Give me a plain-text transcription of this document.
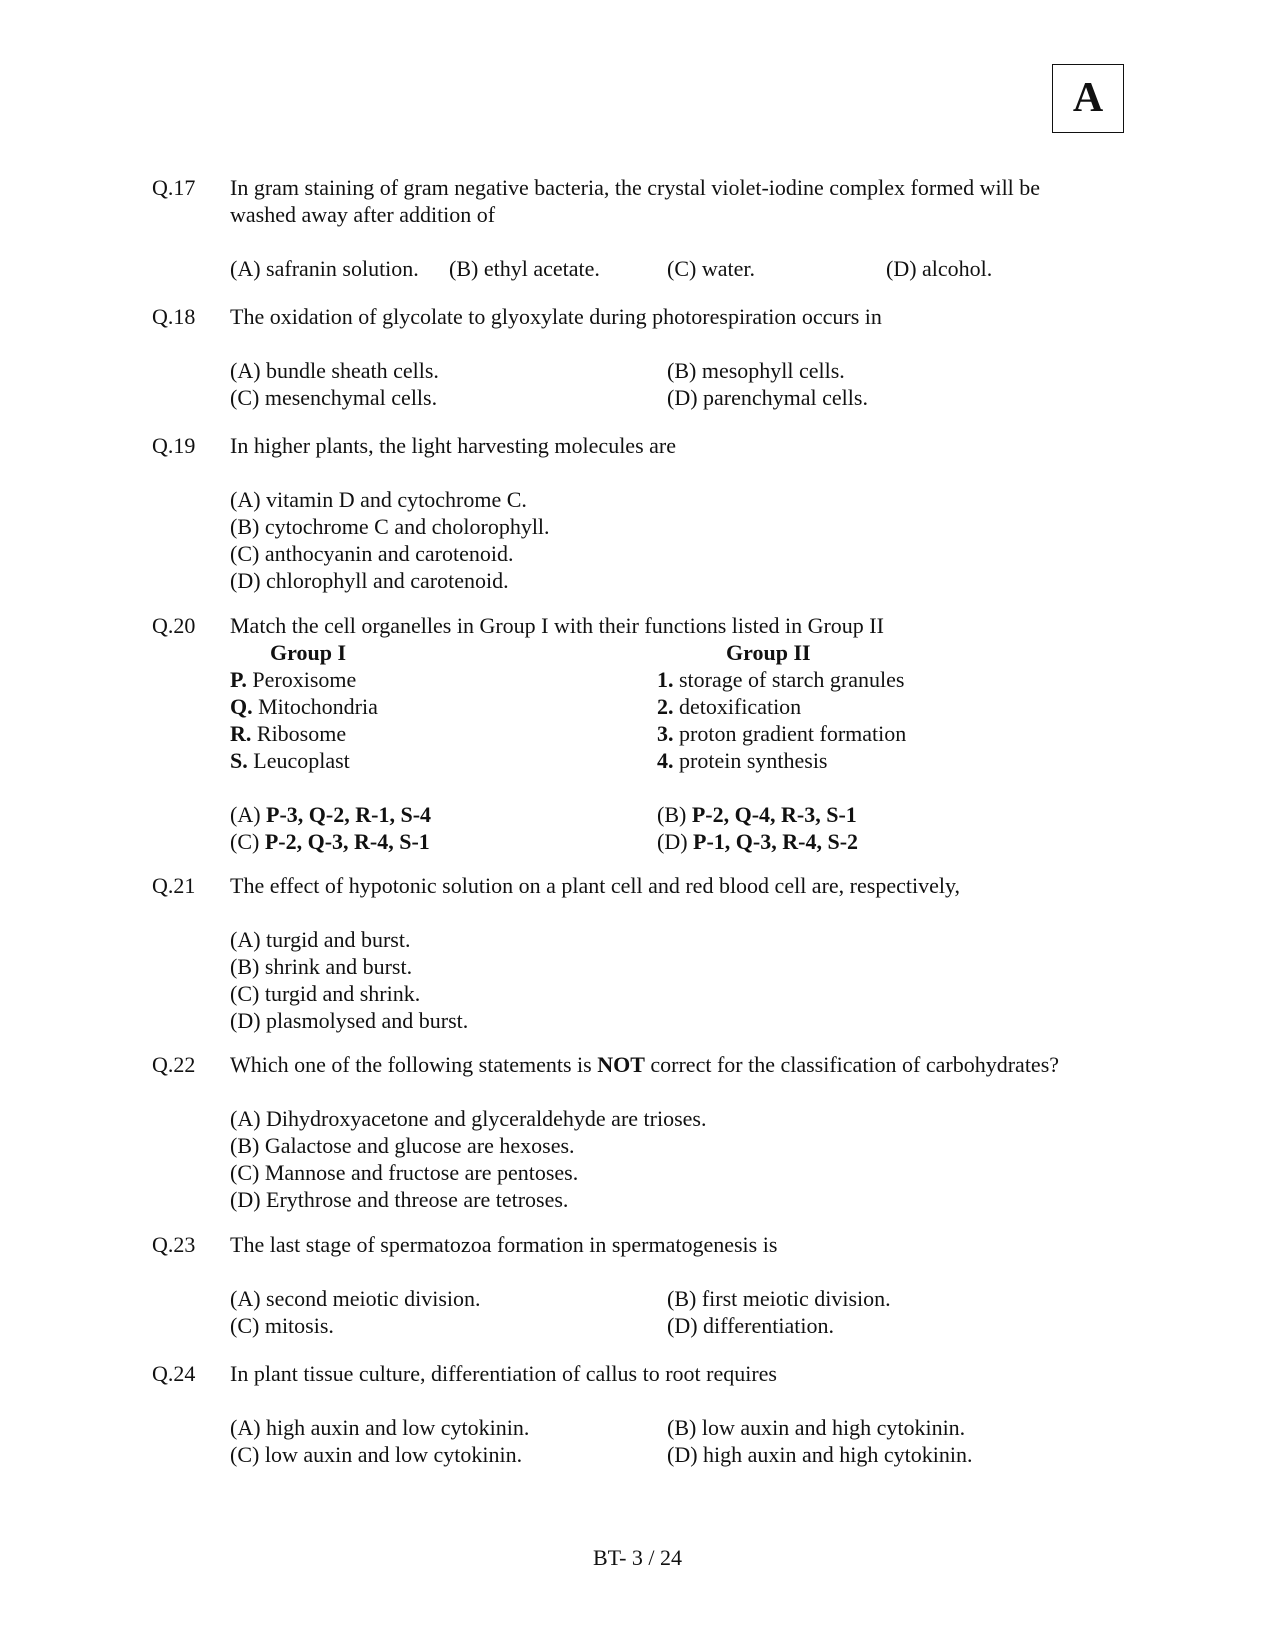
A
Q.17	In gram staining of gram negative bacteria, the crystal violet-iodine complex formed will be
washed away after addition of
(A) safranin solution. (B) ethyl acetate.	(C) water.	(D) alcohol.
Q.18	The oxidation of glycolate to glyoxylate during photorespiration occurs in
(A) bundle sheath cells.	(B) mesophyll cells.
(C) mesenchymal cells.	(D) parenchymal cells.
Q.19	In higher plants, the light harvesting molecules are
(A) vitamin D and cytochrome C.
(B) cytochrome C and cholorophyll.
(C) anthocyanin and carotenoid.
(D) chlorophyll and carotenoid.
Q.20	Match the cell organelles in Group I with their functions listed in Group II
Group I	Group II
P. Peroxisome	1. storage of starch granules
Q. Mitochondria	2. detoxification
R. Ribosome	3. proton gradient formation
S. Leucoplast	4. protein synthesis
(A) P-3, Q-2, R-1, S-4	(B) P-2, Q-4, R-3, S-1
(C) P-2, Q-3, R-4, S-1	(D) P-1, Q-3, R-4, S-2
Q.21	The effect of hypotonic solution on a plant cell and red blood cell are, respectively,
(A) turgid and burst.
(B) shrink and burst.
(C) turgid and shrink.
(D) plasmolysed and burst.
Q.22	Which one of the following statements is NOT correct for the classification of carbohydrates?
(A) Dihydroxyacetone and glyceraldehyde are trioses.
(B) Galactose and glucose are hexoses.
(C) Mannose and fructose are pentoses.
(D) Erythrose and threose are tetroses.
Q.23	The last stage of spermatozoa formation in spermatogenesis is
(A) second meiotic division.	(B) first meiotic division.
(C) mitosis.	(D) differentiation.
Q.24	In plant tissue culture, differentiation of callus to root requires
(A) high auxin and low cytokinin.	(B) low auxin and high cytokinin.
(C) low auxin and low cytokinin.	(D) high auxin and high cytokinin.
BT- 3 / 24
